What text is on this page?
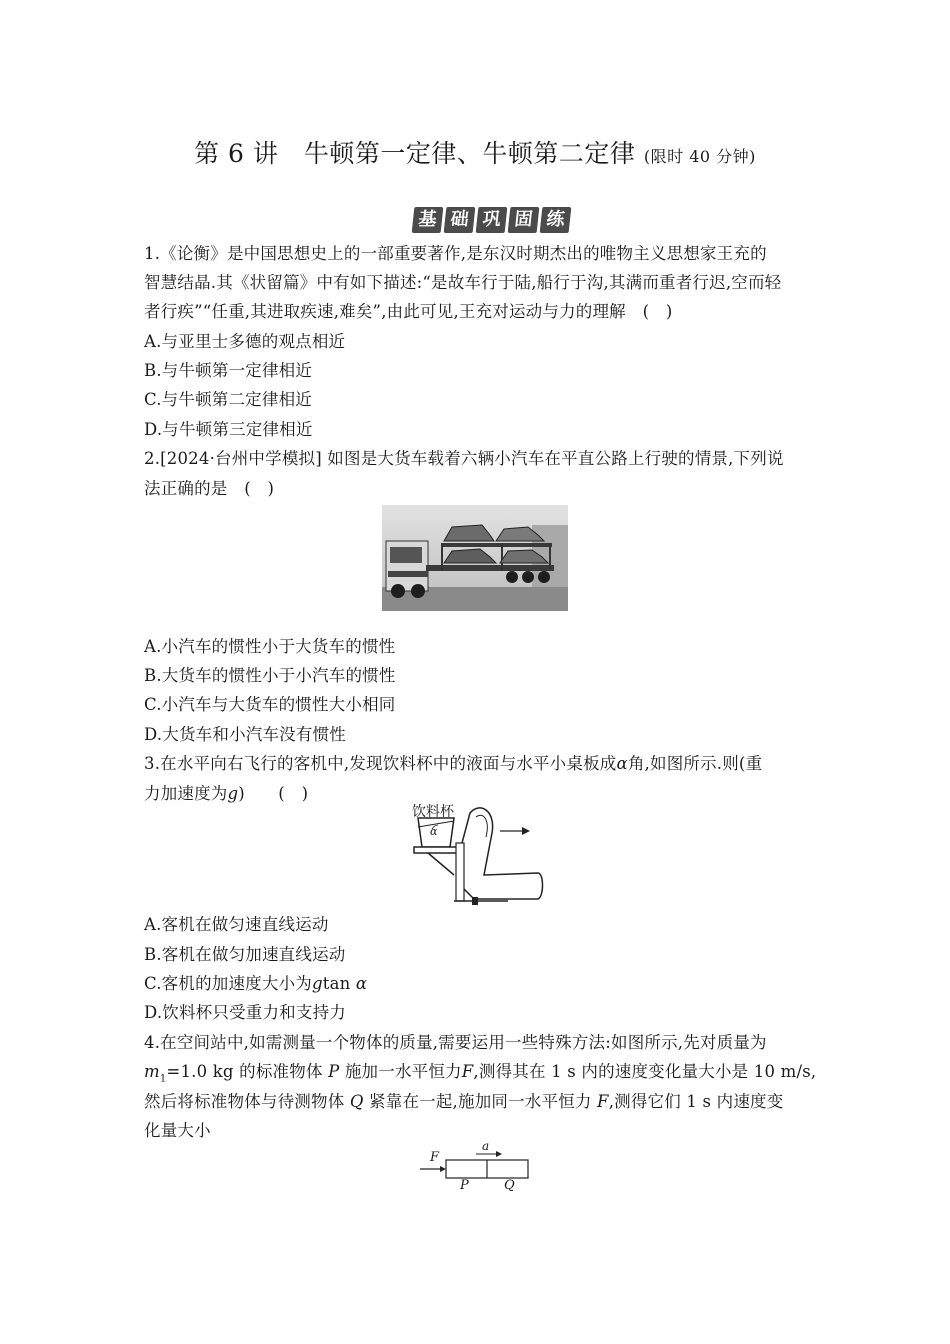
第 6 讲　牛顿第一定律、牛顿第二定律 (限时 40 分钟)
基 础 巩 固 练
1.《论衡》是中国思想史上的一部重要著作,是东汉时期杰出的唯物主义思想家王充的
智慧结晶.其《状留篇》中有如下描述:“是故车行于陆,船行于沟,其满而重者行迟,空而轻
者行疾”“任重,其进取疾速,难矣”,由此可见,王充对运动与力的理解　(　)
A.与亚里士多德的观点相近
B.与牛顿第一定律相近
C.与牛顿第二定律相近
D.与牛顿第三定律相近
2.[2024·台州中学模拟] 如图是大货车载着六辆小汽车在平直公路上行驶的情景,下列说
法正确的是　(　)
A.小汽车的惯性小于大货车的惯性
B.大货车的惯性小于小汽车的惯性
C.小汽车与大货车的惯性大小相同
D.大货车和小汽车没有惯性
3.在水平向右飞行的客机中,发现饮料杯中的液面与水平小桌板成α角,如图所示.则(重
力加速度为g)　　(　)
饮料杯
α
A.客机在做匀速直线运动
B.客机在做匀加速直线运动
C.客机的加速度大小为gtan α
D.饮料杯只受重力和支持力
4.在空间站中,如需测量一个物体的质量,需要运用一些特殊方法:如图所示,先对质量为
$m_1=1.0$ kg 的标准物体 P 施加一水平恒力F,测得其在 1 s 内的速度变化量大小是 10 m/s,
然后将标准物体与待测物体 Q 紧靠在一起,施加同一水平恒力 F,测得它们 1 s 内速度变
化量大小
F
a
P	Q
